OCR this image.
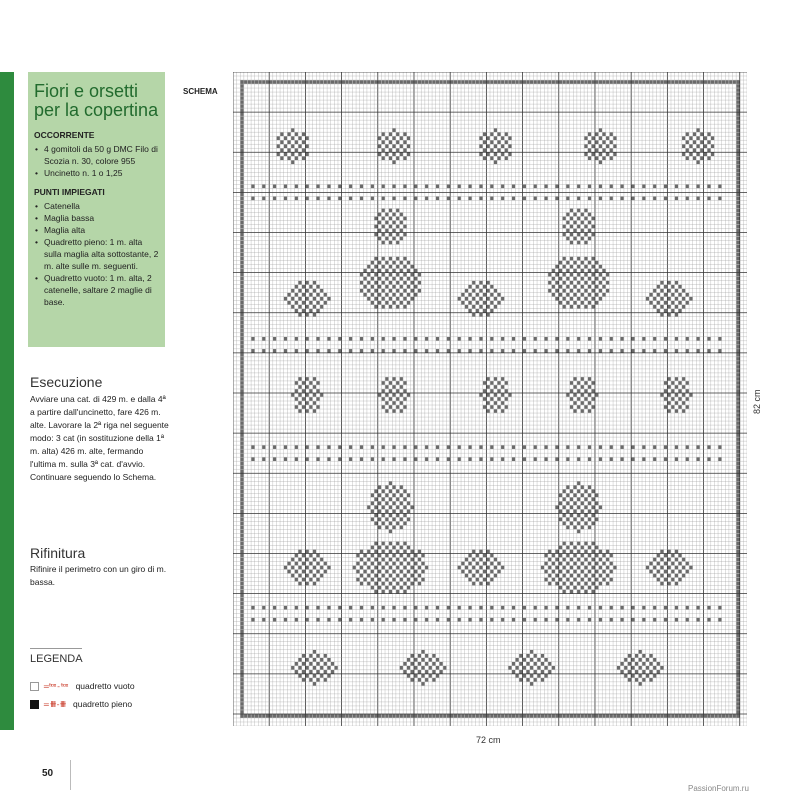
Fiori e orsetti per la copertina
OCCORRENTE
• 4 gomitoli da 50 g DMC Filo di Scozia n. 30, colore 955
• Uncinetto n. 1 o 1,25
PUNTI IMPIEGATI
• Catenella
• Maglia bassa
• Maglia alta
• Quadretto pieno: 1 m. alta sulla maglia alta sottostante, 2 m. alte sulle m. seguenti.
• Quadretto vuoto: 1 m. alta, 2 catenelle, saltare 2 maglie di base.
Esecuzione
Avviare una cat. di 429 m. e dalla 4ª a partire dall'uncinetto, fare 426 m. alte. Lavorare la 2ª riga nel seguente modo: 3 cat (in sostituzione della 1ª m. alta) 426 m. alte, fermando l'ultima m. sulla 3ª cat. d'avvio. Continuare seguendo lo Schema.
Rifinitura
Rifinire il perimetro con un giro di m. bassa.
LEGENDA
=ᶠᶦᵒᶦᶦ - ᶠᶦᵒᶦᶦ quadretto vuoto
= ƚƚƚƚ - ƚƚƚƚ quadretto pieno
SCHEMA
72 cm
82 cm
50
PassionForum.ru
